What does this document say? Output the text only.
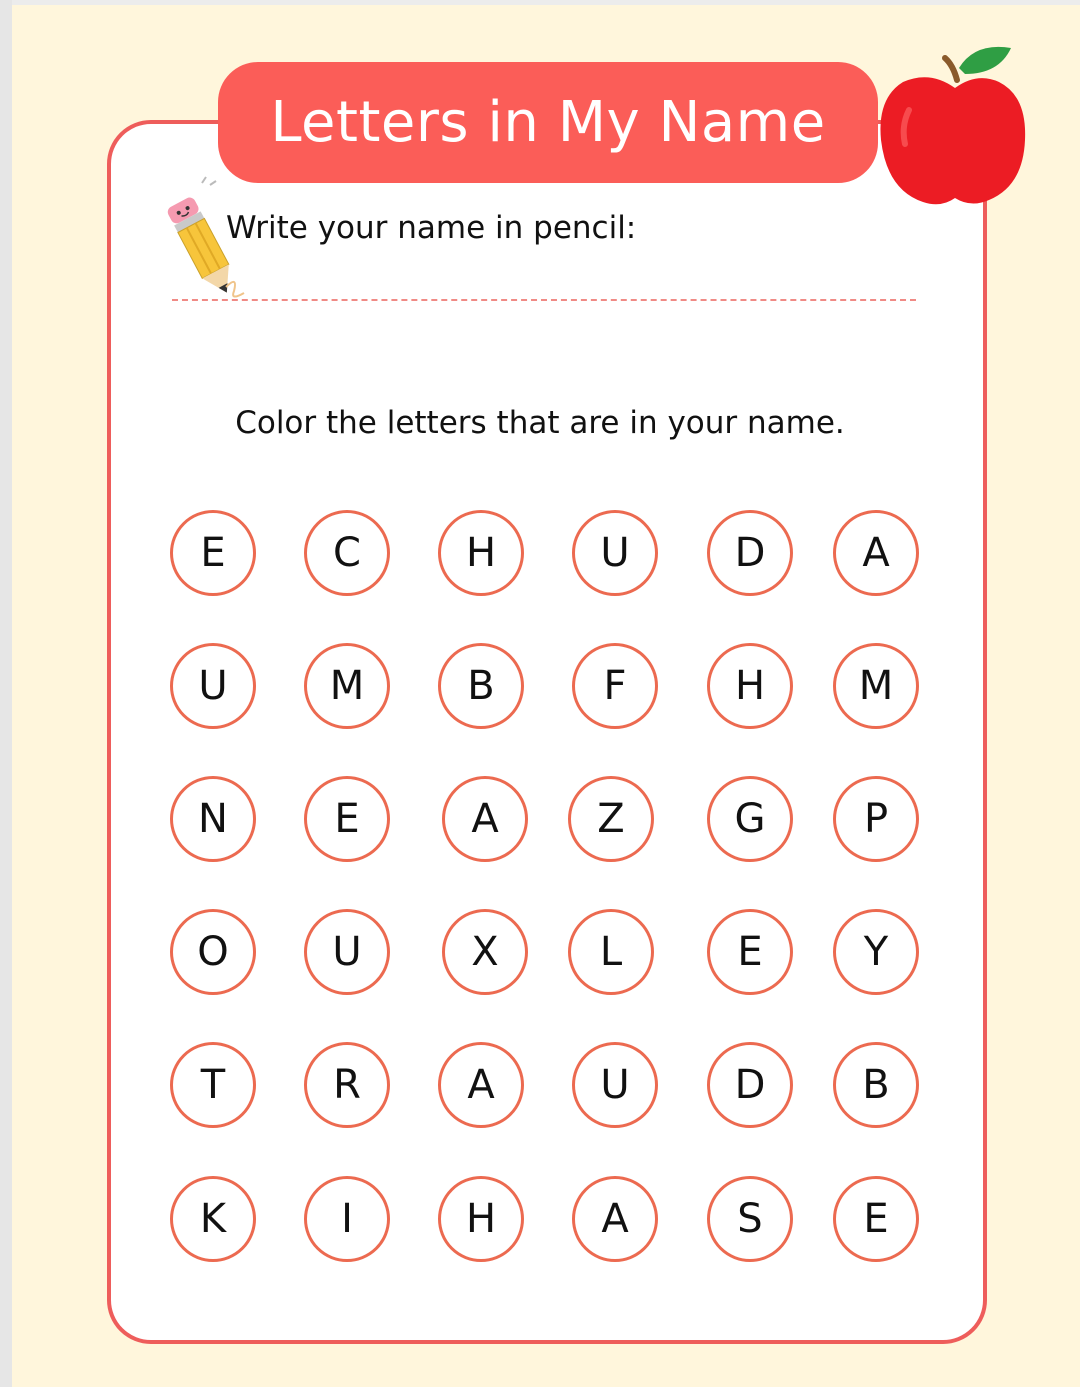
Letters in My Name
Write your name in pencil:
Color the letters that are in your name.
E	C	H	U	D	A
U	M	B	F	H	M
N	E	A	Z	G	P
O	U	X	L	E	Y
T	R	A	U	D	B
K	I	H	A	S	E
